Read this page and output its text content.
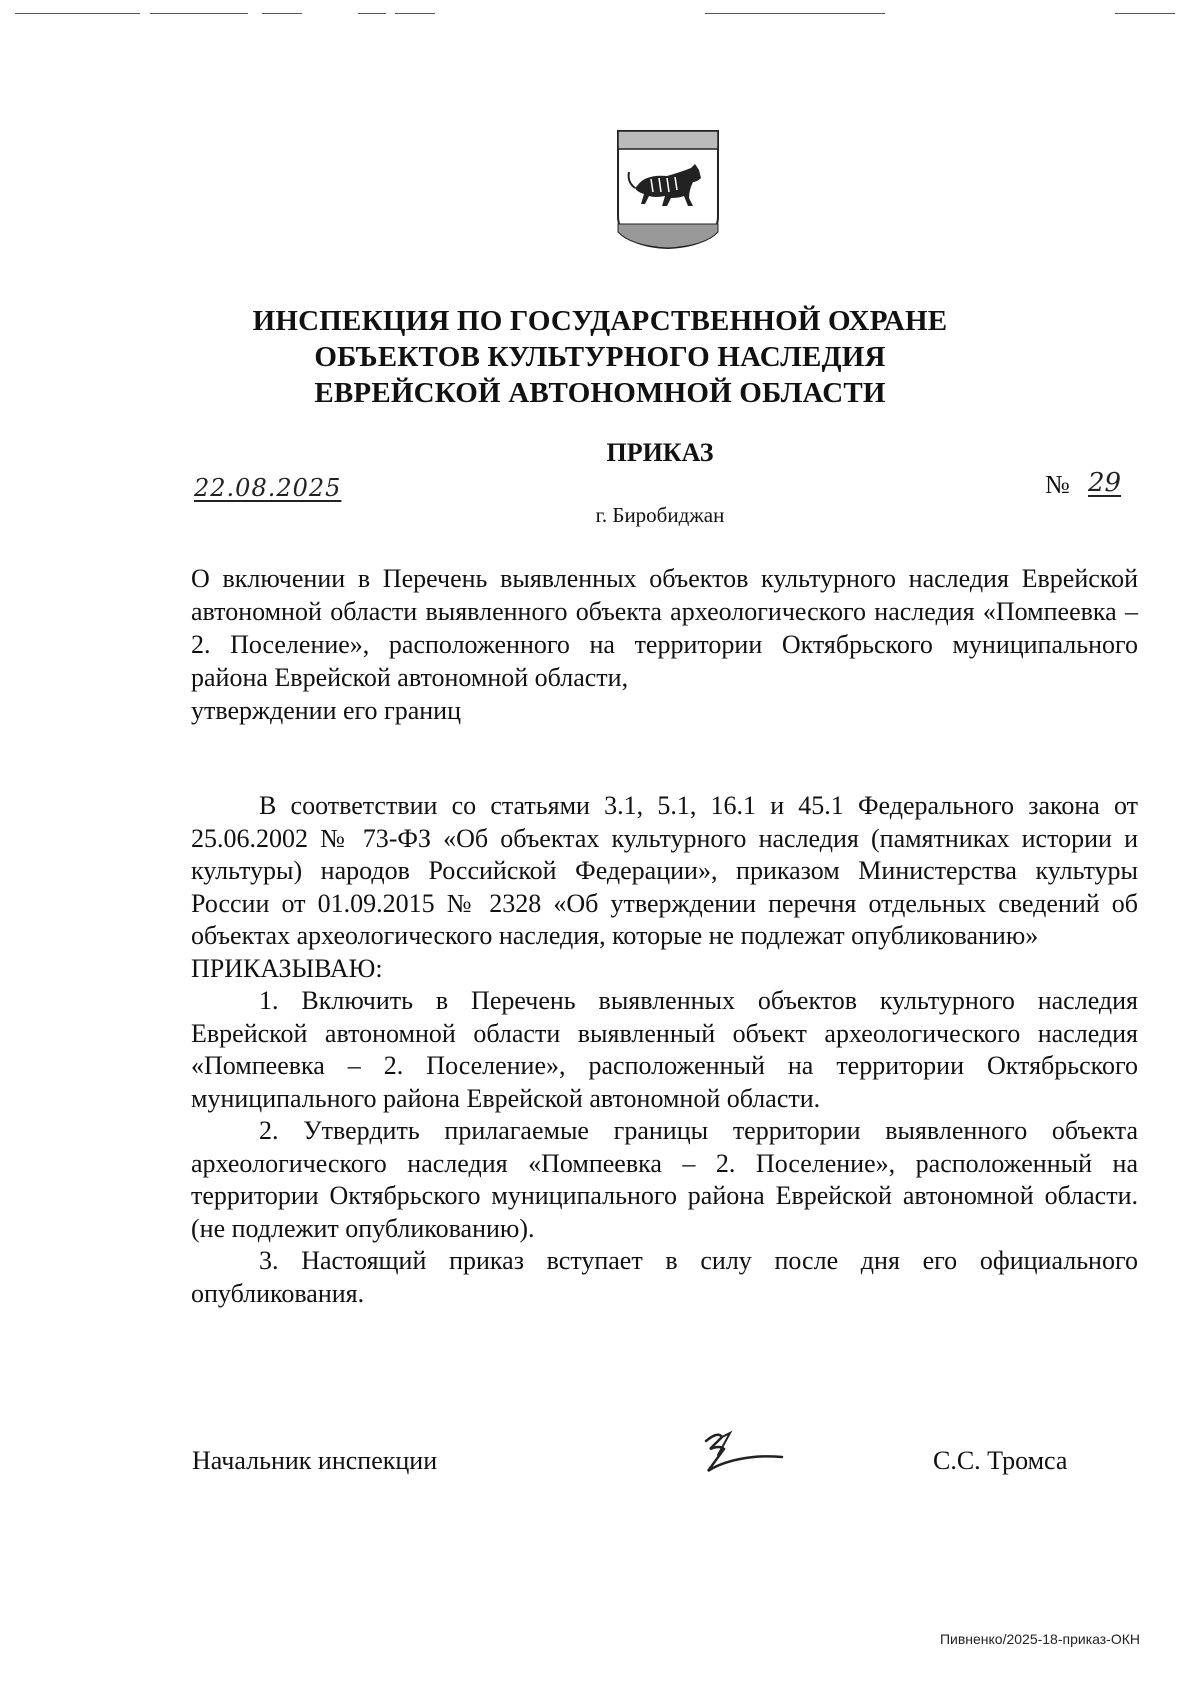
ИНСПЕКЦИЯ ПО ГОСУДАРСТВЕННОЙ ОХРАНЕ
ОБЪЕКТОВ КУЛЬТУРНОГО НАСЛЕДИЯ
ЕВРЕЙСКОЙ АВТОНОМНОЙ ОБЛАСТИ
ПРИКАЗ
22.08.2025	№ 29
г. Биробиджан
О включении в Перечень выявленных объектов культурного наследия Еврейской автономной области выявленного объекта археологического наследия «Помпеевка – 2. Поселение», расположенного на территории Октябрьского муниципального района Еврейской автономной области,
утверждении его границ

В соответствии со статьями 3.1, 5.1, 16.1 и 45.1 Федерального закона от 25.06.2002 № 73-ФЗ «Об объектах культурного наследия (памятниках истории и культуры) народов Российской Федерации», приказом Министерства культуры России от 01.09.2015 № 2328 «Об утверждении перечня отдельных сведений об объектах археологического наследия, которые не подлежат опубликованию»

ПРИКАЗЫВАЮ:

1. Включить в Перечень выявленных объектов культурного наследия Еврейской автономной области выявленный объект археологического наследия «Помпеевка – 2. Поселение», расположенный на территории Октябрьского муниципального района Еврейской автономной области.

2. Утвердить прилагаемые границы территории выявленного объекта археологического наследия «Помпеевка – 2. Поселение», расположенный на территории Октябрьского муниципального района Еврейской автономной области. (не подлежит опубликованию).

3. Настоящий приказ вступает в силу после дня его официального опубликования.

Начальник инспекции	С.С. Тромса
Пивненко/2025-18-приказ-ОКН
